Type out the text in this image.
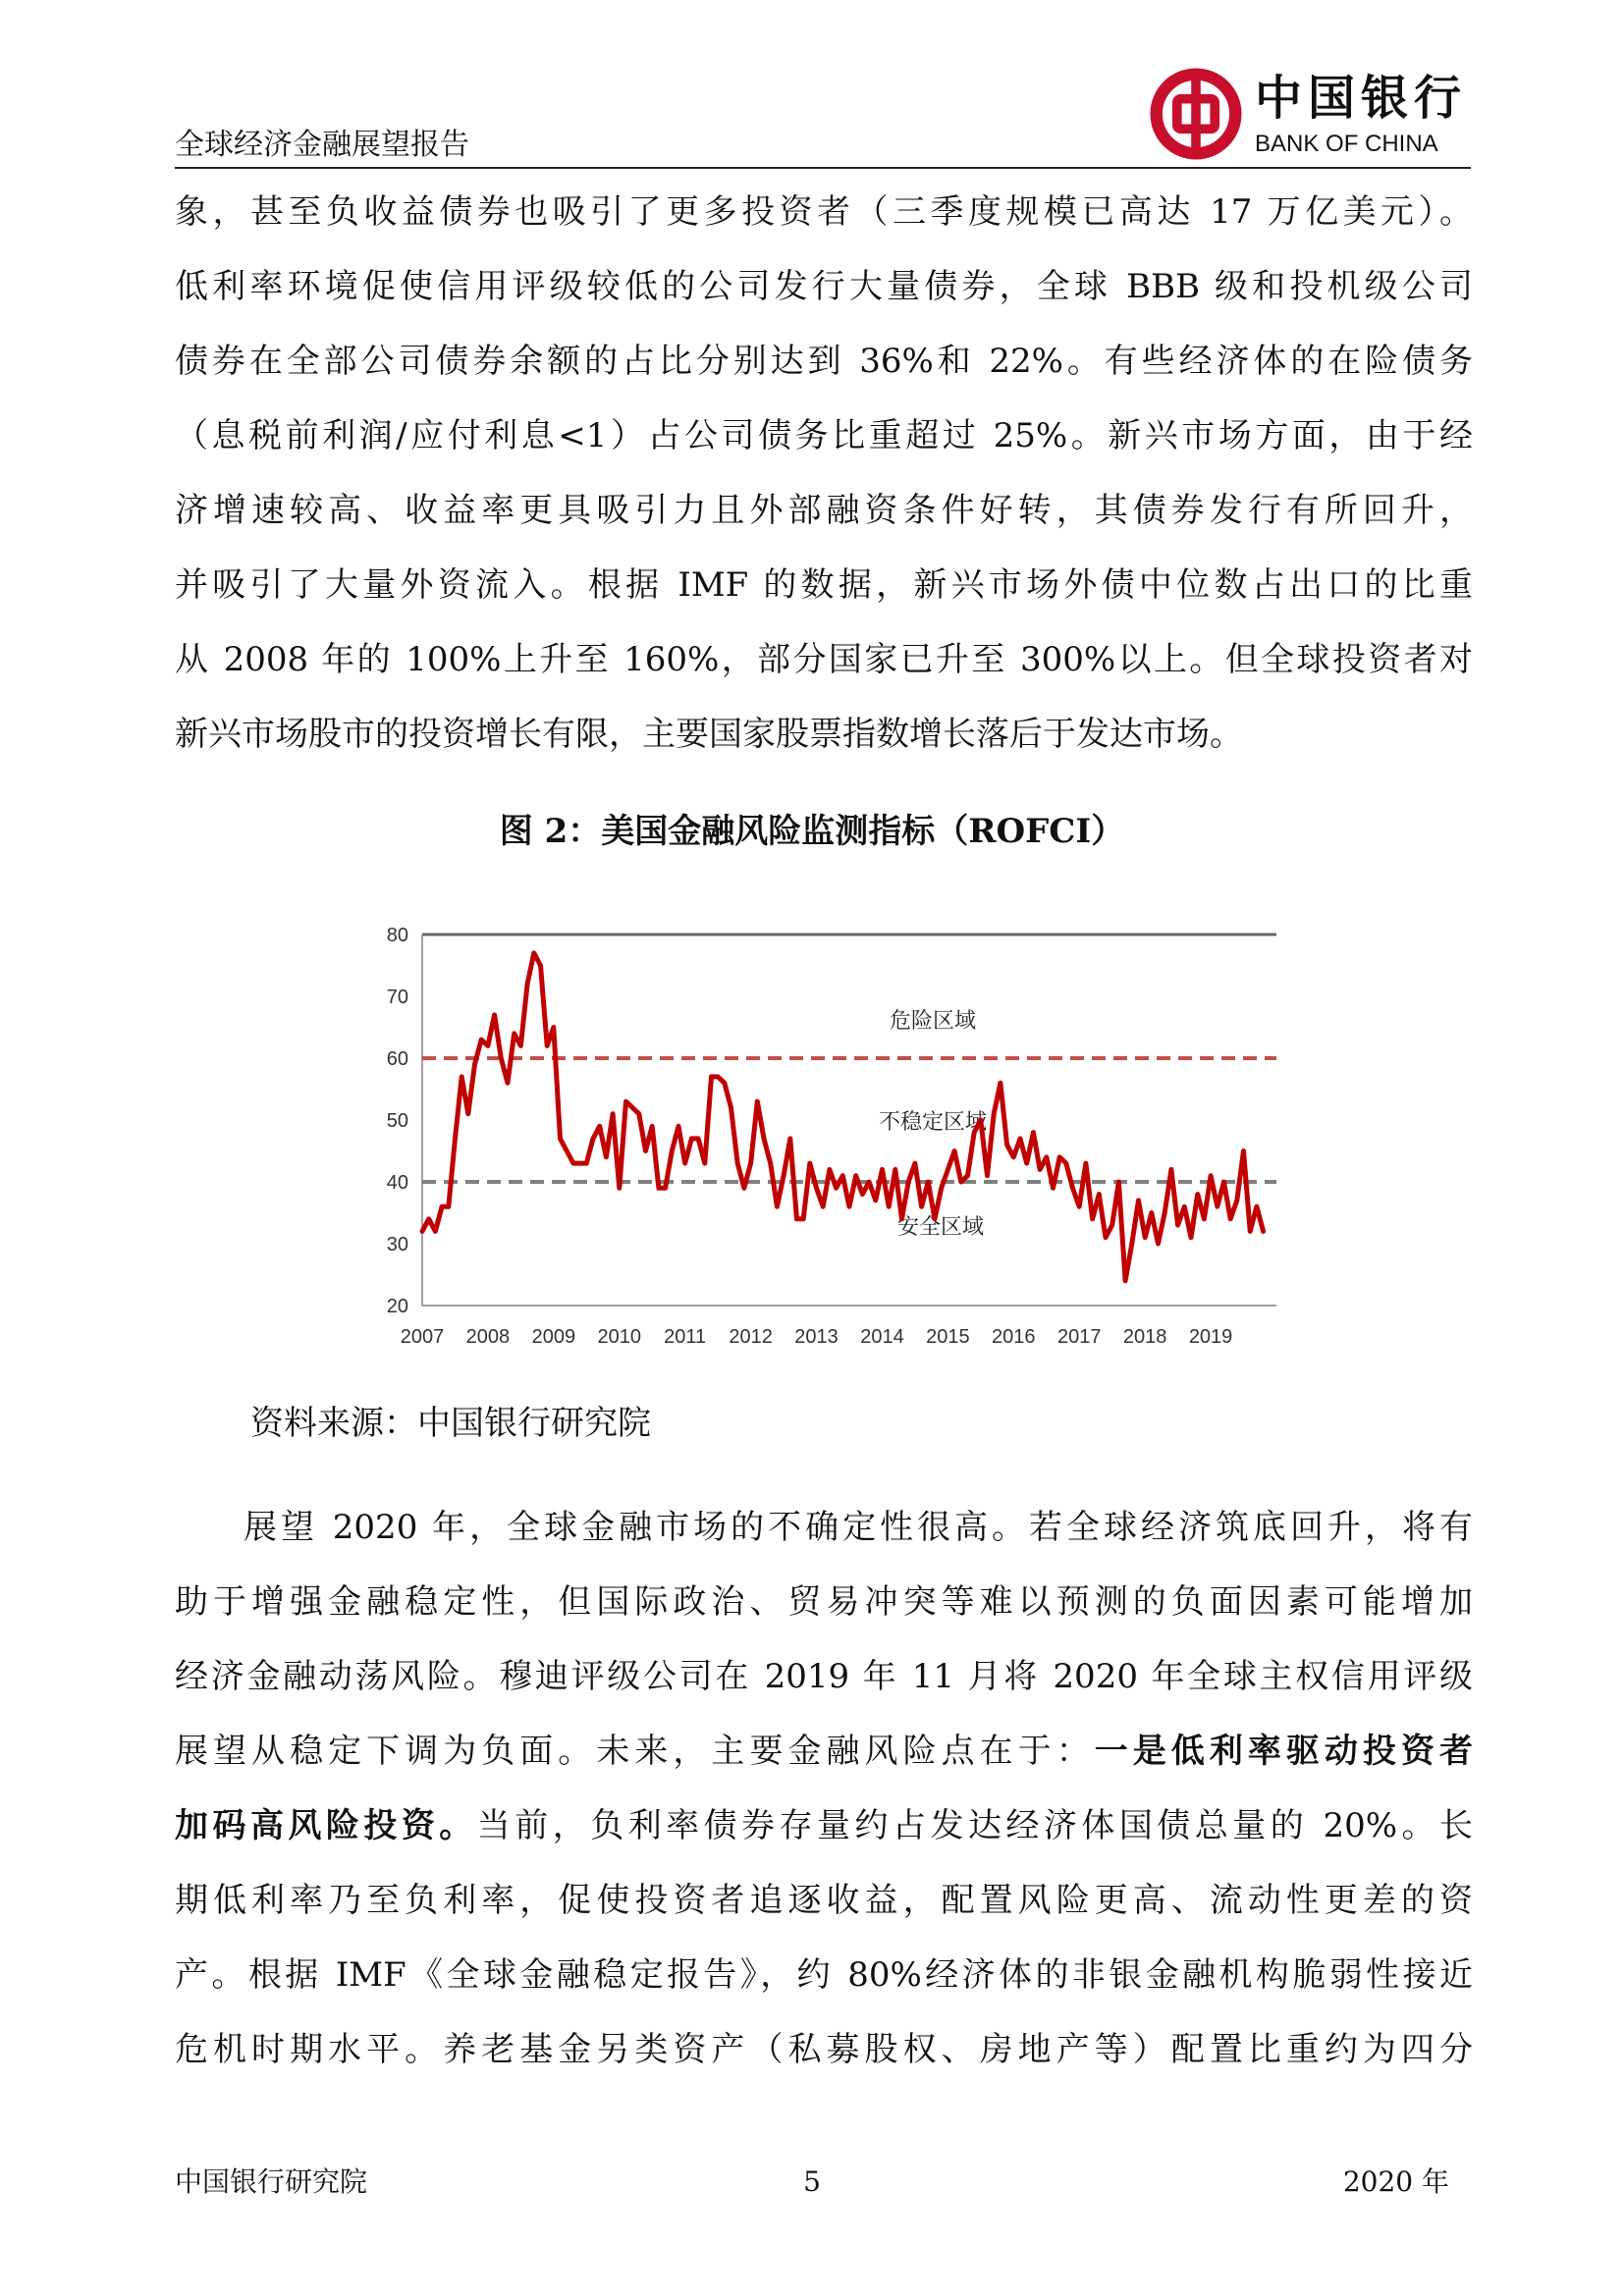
全球经济金融展望报告
中国银行
BANK OF CHINA
象，甚至负收益债券也吸引了更多投资者（三季度规模已高达 17 万亿美元）。
低利率环境促使信用评级较低的公司发行大量债券，全球 BBB 级和投机级公司
债券在全部公司债券余额的占比分别达到 36%和 22%。有些经济体的在险债务
（息税前利润/应付利息<1）占公司债务比重超过 25%。新兴市场方面，由于经
济增速较高、收益率更具吸引力且外部融资条件好转，其债券发行有所回升，
并吸引了大量外资流入。根据 IMF 的数据，新兴市场外债中位数占出口的比重
从 2008 年的 100%上升至 160%，部分国家已升至 300%以上。但全球投资者对
新兴市场股市的投资增长有限，主要国家股票指数增长落后于发达市场。
图 2：美国金融风险监测指标（ROFCI）
80
70
60
50
40
30
20
2007 2008 2009 2010 2011 2012 2013 2014 2015 2016 2017 2018 2019
危险区域
不稳定区域
安全区域
资料来源：中国银行研究院
展望 2020 年，全球金融市场的不确定性很高。若全球经济筑底回升，将有
助于增强金融稳定性，但国际政治、贸易冲突等难以预测的负面因素可能增加
经济金融动荡风险。穆迪评级公司在 2019 年 11 月将 2020 年全球主权信用评级
展望从稳定下调为负面。未来，主要金融风险点在于：一是低利率驱动投资者
加码高风险投资。当前，负利率债券存量约占发达经济体国债总量的 20%。长
期低利率乃至负利率，促使投资者追逐收益，配置风险更高、流动性更差的资
产。根据 IMF《全球金融稳定报告》，约 80%经济体的非银金融机构脆弱性接近
危机时期水平。养老基金另类资产（私募股权、房地产等）配置比重约为四分
中国银行研究院	5	2020 年
